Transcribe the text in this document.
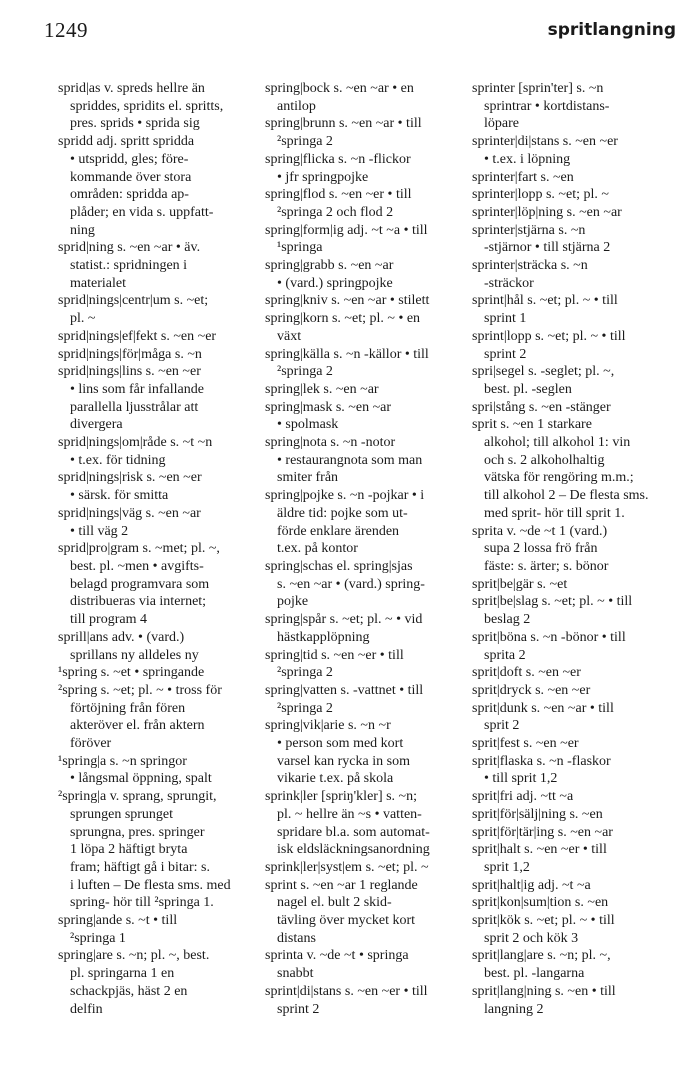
1249	spritlangning
sprid|as v. spreds hellre än
spriddes, spridits el. spritts,
pres. sprids • sprida sig
spridd adj. spritt spridda
• utspridd, gles; före-
kommande över stora
områden: spridda ap-
plåder; en vida s. uppfatt-
ning
sprid|ning s. ~en ~ar • äv.
statist.: spridningen i
materialet
sprid|nings|centr|um s. ~et;
pl. ~
sprid|nings|ef|fekt s. ~en ~er
sprid|nings|för|måga s. ~n
sprid|nings|lins s. ~en ~er
• lins som får infallande
parallella ljusstrålar att
divergera
sprid|nings|om|råde s. ~t ~n
• t.ex. för tidning
sprid|nings|risk s. ~en ~er
• särsk. för smitta
sprid|nings|väg s. ~en ~ar
• till väg 2
sprid|pro|gram s. ~met; pl. ~,
best. pl. ~men • avgifts-
belagd programvara som
distribueras via internet;
till program 4
sprill|ans adv. • (vard.)
sprillans ny alldeles ny
¹spring s. ~et • springande
²spring s. ~et; pl. ~ • tross för
förtöjning från fören
akteröver el. från aktern
föröver
¹spring|a s. ~n springor
• långsmal öppning, spalt
²spring|a v. sprang, sprungit,
sprungen sprunget
sprungna, pres. springer
1 löpa 2 häftigt bryta
fram; häftigt gå i bitar: s.
i luften – De flesta sms. med
spring- hör till ²springa 1.
spring|ande s. ~t • till
²springa 1
spring|are s. ~n; pl. ~, best.
pl. springarna 1 en
schackpjäs, häst 2 en
delfin
spring|bock s. ~en ~ar • en
antilop
spring|brunn s. ~en ~ar • till
²springa 2
spring|flicka s. ~n -flickor
• jfr springpojke
spring|flod s. ~en ~er • till
²springa 2 och flod 2
spring|form|ig adj. ~t ~a • till
¹springa
spring|grabb s. ~en ~ar
• (vard.) springpojke
spring|kniv s. ~en ~ar • stilett
spring|korn s. ~et; pl. ~ • en
växt
spring|källa s. ~n -källor • till
²springa 2
spring|lek s. ~en ~ar
spring|mask s. ~en ~ar
• spolmask
spring|nota s. ~n -notor
• restaurangnota som man
smiter från
spring|pojke s. ~n -pojkar • i
äldre tid: pojke som ut-
förde enklare ärenden
t.ex. på kontor
spring|schas el. spring|sjas
s. ~en ~ar • (vard.) spring-
pojke
spring|spår s. ~et; pl. ~ • vid
hästkapplöpning
spring|tid s. ~en ~er • till
²springa 2
spring|vatten s. -vattnet • till
²springa 2
spring|vik|arie s. ~n ~r
• person som med kort
varsel kan rycka in som
vikarie t.ex. på skola
sprink|ler [spriŋ'kler] s. ~n;
pl. ~ hellre än ~s • vatten-
spridare bl.a. som automat-
isk eldsläckningsanordning
sprink|ler|syst|em s. ~et; pl. ~
sprint s. ~en ~ar 1 reglande
nagel el. bult 2 skid-
tävling över mycket kort
distans
sprinta v. ~de ~t • springa
snabbt
sprint|di|stans s. ~en ~er • till
sprint 2
sprinter [sprin'ter] s. ~n
sprintrar • kortdistans-
löpare
sprinter|di|stans s. ~en ~er
• t.ex. i löpning
sprinter|fart s. ~en
sprinter|lopp s. ~et; pl. ~
sprinter|löp|ning s. ~en ~ar
sprinter|stjärna s. ~n
-stjärnor • till stjärna 2
sprinter|sträcka s. ~n
-sträckor
sprint|hål s. ~et; pl. ~ • till
sprint 1
sprint|lopp s. ~et; pl. ~ • till
sprint 2
spri|segel s. -seglet; pl. ~,
best. pl. -seglen
spri|stång s. ~en -stänger
sprit s. ~en 1 starkare
alkohol; till alkohol 1: vin
och s. 2 alkoholhaltig
vätska för rengöring m.m.;
till alkohol 2 – De flesta sms.
med sprit- hör till sprit 1.
sprita v. ~de ~t 1 (vard.)
supa 2 lossa frö från
fäste: s. ärter; s. bönor
sprit|be|gär s. ~et
sprit|be|slag s. ~et; pl. ~ • till
beslag 2
sprit|böna s. ~n -bönor • till
sprita 2
sprit|doft s. ~en ~er
sprit|dryck s. ~en ~er
sprit|dunk s. ~en ~ar • till
sprit 2
sprit|fest s. ~en ~er
sprit|flaska s. ~n -flaskor
• till sprit 1,2
sprit|fri adj. ~tt ~a
sprit|för|sälj|ning s. ~en
sprit|för|tär|ing s. ~en ~ar
sprit|halt s. ~en ~er • till
sprit 1,2
sprit|halt|ig adj. ~t ~a
sprit|kon|sum|tion s. ~en
sprit|kök s. ~et; pl. ~ • till
sprit 2 och kök 3
sprit|lang|are s. ~n; pl. ~,
best. pl. -langarna
sprit|lang|ning s. ~en • till
langning 2
